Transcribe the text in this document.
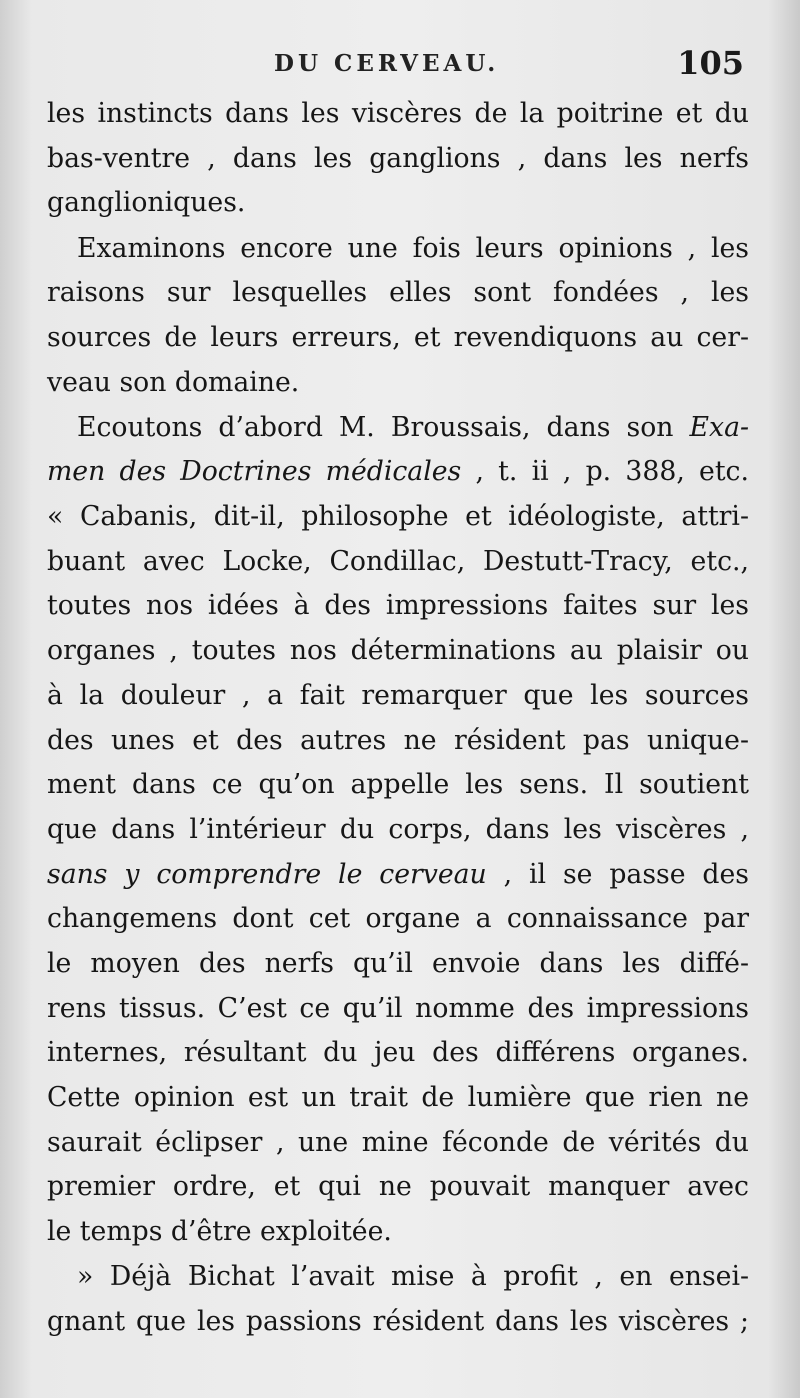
DU CERVEAU.	105
les instincts dans les viscères de la poitrine et du
bas-ventre , dans les ganglions , dans les nerfs
ganglioniques.
Examinons encore une fois leurs opinions , les
raisons sur lesquelles elles sont fondées , les
sources de leurs erreurs, et revendiquons au cer-
veau son domaine.
Ecoutons d’abord M. Broussais, dans son Exa-
men des Doctrines médicales , t. ii , p. 388, etc.
« Cabanis, dit-il, philosophe et idéologiste, attri-
buant avec Locke, Condillac, Destutt-Tracy, etc.,
toutes nos idées à des impressions faites sur les
organes , toutes nos déterminations au plaisir ou
à la douleur , a fait remarquer que les sources
des unes et des autres ne résident pas unique-
ment dans ce qu’on appelle les sens. Il soutient
que dans l’intérieur du corps, dans les viscères ,
sans y comprendre le cerveau , il se passe des
changemens dont cet organe a connaissance par
le moyen des nerfs qu’il envoie dans les diffé-
rens tissus. C’est ce qu’il nomme des impressions
internes, résultant du jeu des différens organes.
Cette opinion est un trait de lumière que rien ne
saurait éclipser , une mine féconde de vérités du
premier ordre, et qui ne pouvait manquer avec
le temps d’être exploitée.
» Déjà Bichat l’avait mise à profit , en ensei-
gnant que les passions résident dans les viscères ;
